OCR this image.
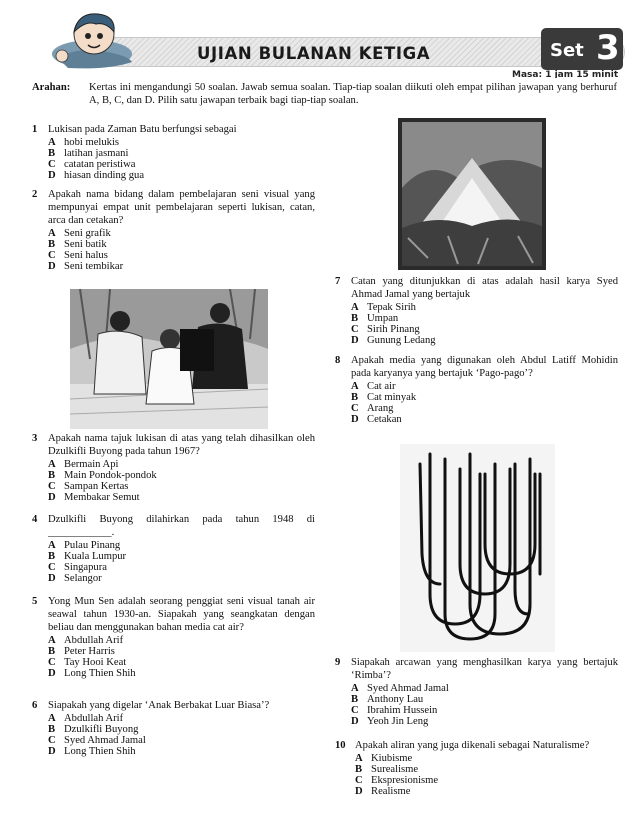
UJIAN BULANAN KETIGA	Set 3
Masa: 1 jam 15 minit
Arahan: Kertas ini mengandungi 50 soalan. Jawab semua soalan. Tiap-tiap soalan diikuti oleh empat pilihan jawapan yang berhuruf A, B, C, dan D. Pilih satu jawapan terbaik bagi tiap-tiap soalan.
1	Lukisan pada Zaman Batu berfungsi sebagai
A hobi melukis
B latihan jasmani
C catatan peristiwa
D hiasan dinding gua
2	Apakah nama bidang dalam pembelajaran seni visual yang mempunyai empat unit pembelajaran seperti lukisan, catan, arca dan cetakan?
A Seni grafik
B Seni batik
C Seni halus
D Seni tembikar
3	Apakah nama tajuk lukisan di atas yang telah dihasilkan oleh Dzulkifli Buyong pada tahun 1967?
A Bermain Api
B Main Pondok-pondok
C Sampan Kertas
D Membakar Semut
4	Dzulkifli Buyong dilahirkan pada tahun 1948 di ____________.
A Pulau Pinang
B Kuala Lumpur
C Singapura
D Selangor
5	Yong Mun Sen adalah seorang penggiat seni visual tanah air seawal tahun 1930-an. Siapakah yang seangkatan dengan beliau dan menggunakan bahan media cat air?
A Abdullah Arif
B Peter Harris
C Tay Hooi Keat
D Long Thien Shih
6	Siapakah yang digelar ‘Anak Berbakat Luar Biasa’?
A Abdullah Arif
B Dzulkifli Buyong
C Syed Ahmad Jamal
D Long Thien Shih
7	Catan yang ditunjukkan di atas adalah hasil karya Syed Ahmad Jamal yang bertajuk
A Tepak Sirih
B Umpan
C Sirih Pinang
D Gunung Ledang
8	Apakah media yang digunakan oleh Abdul Latiff Mohidin pada karyanya yang bertajuk ‘Pago-pago’?
A Cat air
B Cat minyak
C Arang
D Cetakan
9	Siapakah arcawan yang menghasilkan karya yang bertajuk ‘Rimba’?
A Syed Ahmad Jamal
B Anthony Lau
C Ibrahim Hussein
D Yeoh Jin Leng
10 Apakah aliran yang juga dikenali sebagai Naturalisme?
A Kiubisme
B Surealisme
C Ekspresionisme
D Realisme
